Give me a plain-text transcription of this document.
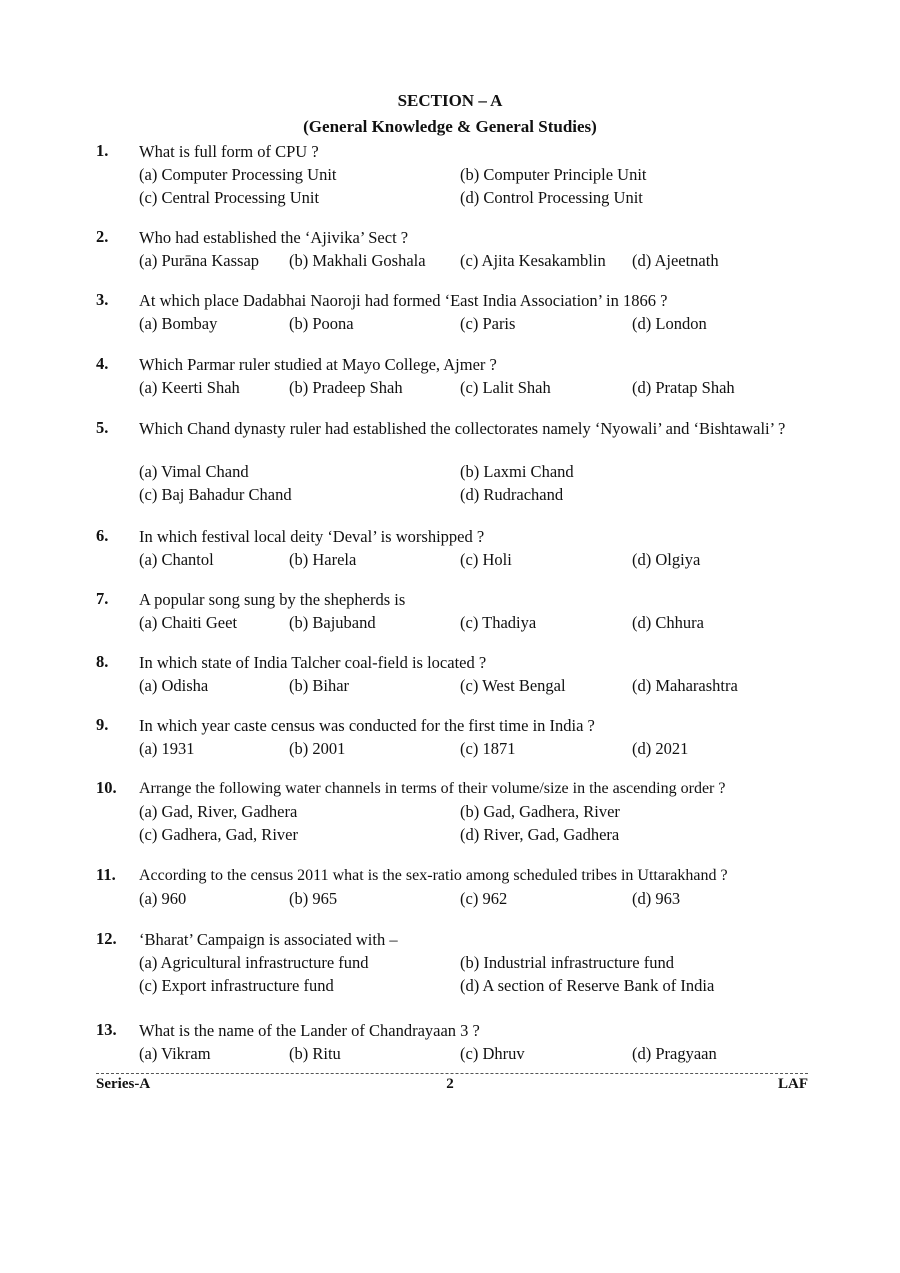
SECTION – A
(General Knowledge & General Studies)
1. What is full form of CPU ?
(a) Computer Processing Unit	(b) Computer Principle Unit
(c) Central Processing Unit	(d) Control Processing Unit
2. Who had established the ‘Ajivika’ Sect ?
(a) Purāna Kassap (b) Makhali Goshala (c) Ajita Kesakamblin (d) Ajeetnath
3. At which place Dadabhai Naoroji had formed ‘East India Association’ in 1866 ?
(a) Bombay	(b) Poona	(c) Paris	(d) London
4. Which Parmar ruler studied at Mayo College, Ajmer ?
(a) Keerti Shah	(b) Pradeep Shah	(c) Lalit Shah	(d) Pratap Shah
5. Which Chand dynasty ruler had established the collectorates namely ‘Nyowali’ and ‘Bishtawali’ ?
(a) Vimal Chand	(b) Laxmi Chand
(c) Baj Bahadur Chand	(d) Rudrachand
6. In which festival local deity ‘Deval’ is worshipped ?
(a) Chantol	(b) Harela	(c) Holi	(d) Olgiya
7. A popular song sung by the shepherds is
(a) Chaiti Geet	(b) Bajuband	(c) Thadiya	(d) Chhura
8. In which state of India Talcher coal-field is located ?
(a) Odisha	(b) Bihar	(c) West Bengal	(d) Maharashtra
9. In which year caste census was conducted for the first time in India ?
(a) 1931	(b) 2001	(c) 1871	(d) 2021
10. Arrange the following water channels in terms of their volume/size in the ascending order ?
(a) Gad, River, Gadhera	(b) Gad, Gadhera, River
(c) Gadhera, Gad, River	(d) River, Gad, Gadhera
11. According to the census 2011 what is the sex-ratio among scheduled tribes in Uttarakhand ?
(a) 960	(b) 965	(c) 962	(d) 963
12. ‘Bharat’ Campaign is associated with –
(a) Agricultural infrastructure fund	(b) Industrial infrastructure fund
(c) Export infrastructure fund	(d) A section of Reserve Bank of India
13. What is the name of the Lander of Chandrayaan 3 ?
(a) Vikram	(b) Ritu	(c) Dhruv	(d) Pragyaan
Series-A	2	LAF
